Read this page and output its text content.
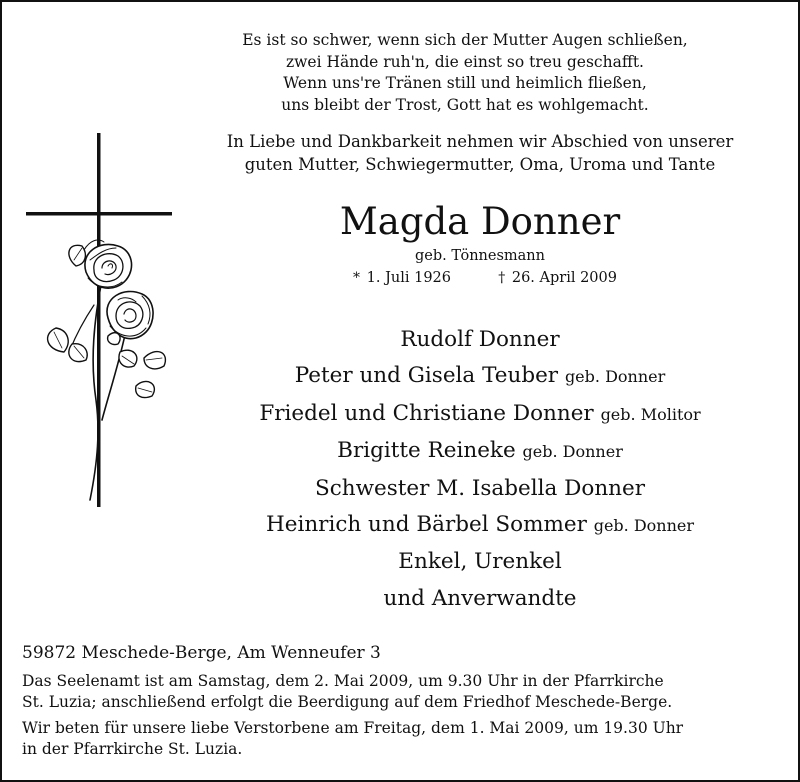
Es ist so schwer, wenn sich der Mutter Augen schließen,
zwei Hände ruh'n, die einst so treu geschafft.
Wenn uns're Tränen still und heimlich fließen,
uns bleibt der Trost, Gott hat es wohlgemacht.
In Liebe und Dankbarkeit nehmen wir Abschied von unserer
guten Mutter, Schwiegermutter, Oma, Uroma und Tante
Magda Donner
geb. Tönnesmann
* 1. Juli 1926	† 26. April 2009
Rudolf Donner
Peter und Gisela Teuber geb. Donner
Friedel und Christiane Donner geb. Molitor
Brigitte Reineke geb. Donner
Schwester M. Isabella Donner
Heinrich und Bärbel Sommer geb. Donner
Enkel, Urenkel
und Anverwandte
59872 Meschede-Berge, Am Wenneufer 3
Das Seelenamt ist am Samstag, dem 2. Mai 2009, um 9.30 Uhr in der Pfarrkirche
St. Luzia; anschließend erfolgt die Beerdigung auf dem Friedhof Meschede-Berge.
Wir beten für unsere liebe Verstorbene am Freitag, dem 1. Mai 2009, um 19.30 Uhr
in der Pfarrkirche St. Luzia.
